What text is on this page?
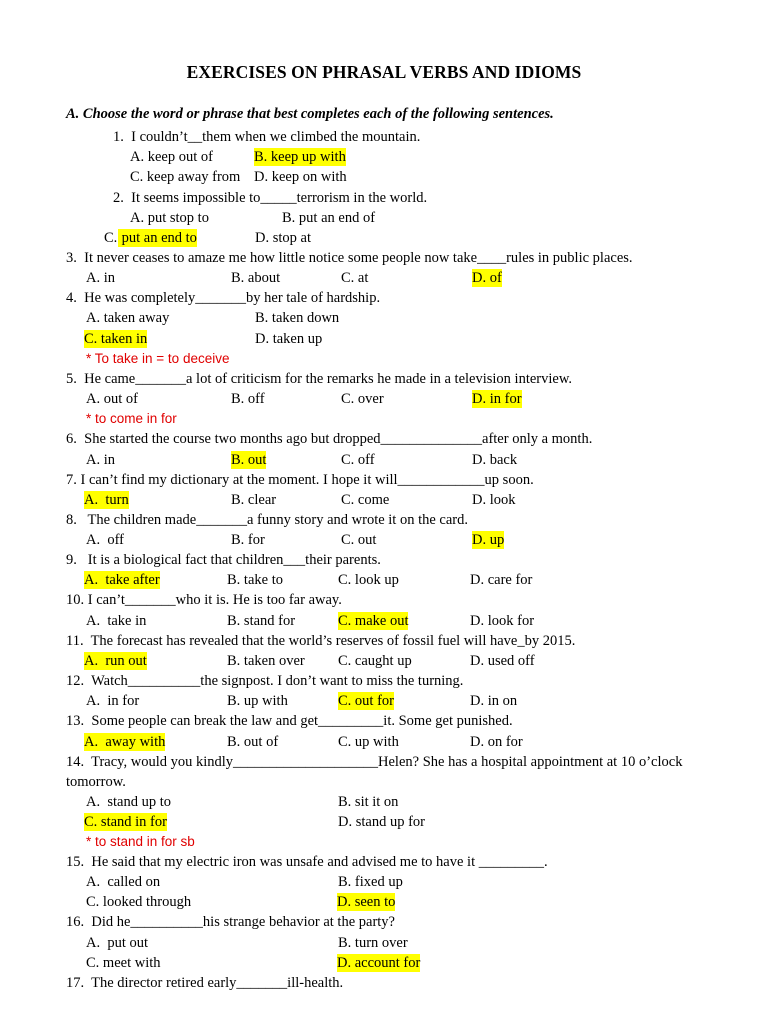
EXERCISES ON PHRASAL VERBS AND IDIOMS
A. Choose the word or phrase that best completes each of the following sentences.
1.  I couldn’t__them when we climbed the mountain.
A. keep out of	B. keep up with
C. keep away from D. keep on with
2.  It seems impossible to_____terrorism in the world.
A. put stop to	B. put an end of
C. put an end to	D. stop at
3.  It never ceases to amaze me how little notice some people now take____rules in public places.
A. in	B. about	C. at	D. of
4.  He was completely_______by her tale of hardship.
A. taken away	B. taken down
C. taken in	D. taken up
* To take in = to deceive
5.  He came_______a lot of criticism for the remarks he made in a television interview.
A. out of	B. off	C. over	D. in for
* to come in for
6.  She started the course two months ago but dropped______________after only a month.
A. in	B. out	C. off	D. back
7. I can’t find my dictionary at the moment. I hope it will____________up soon.
A.  turn	B. clear	C. come	D. look
8.   The children made_______a funny story and wrote it on the card.
A.  off	B. for	C. out	D. up
9.   It is a biological fact that children___their parents.
A.  take after	B. take to	C. look up	D. care for
10. I can’t_______who it is. He is too far away.
A.  take in	B. stand for	C. make out	D. look for
11.  The forecast has revealed that the world’s reserves of fossil fuel will have_by 2015.
A.  run out	B. taken over C. caught up	D. used off
12.  Watch__________the signpost. I don’t want to miss the turning.
A.  in for	B. up with	C. out for	D. in on
13.  Some people can break the law and get_________it. Some get punished.
A.  away with	B. out of	C. up with	D. on for
14.  Tracy, would you kindly____________________Helen? She has a hospital appointment at 10 o’clock
tomorrow.
A.  stand up to	B. sit it on
C. stand in for	D. stand up for
* to stand in for sb
15.  He said that my electric iron was unsafe and advised me to have it _________.
A.  called on	B. fixed up
C. looked through	D. seen to
16.  Did he__________his strange behavior at the party?
A.  put out	B. turn over
C. meet with	D. account for
17.  The director retired early_______ill-health.
